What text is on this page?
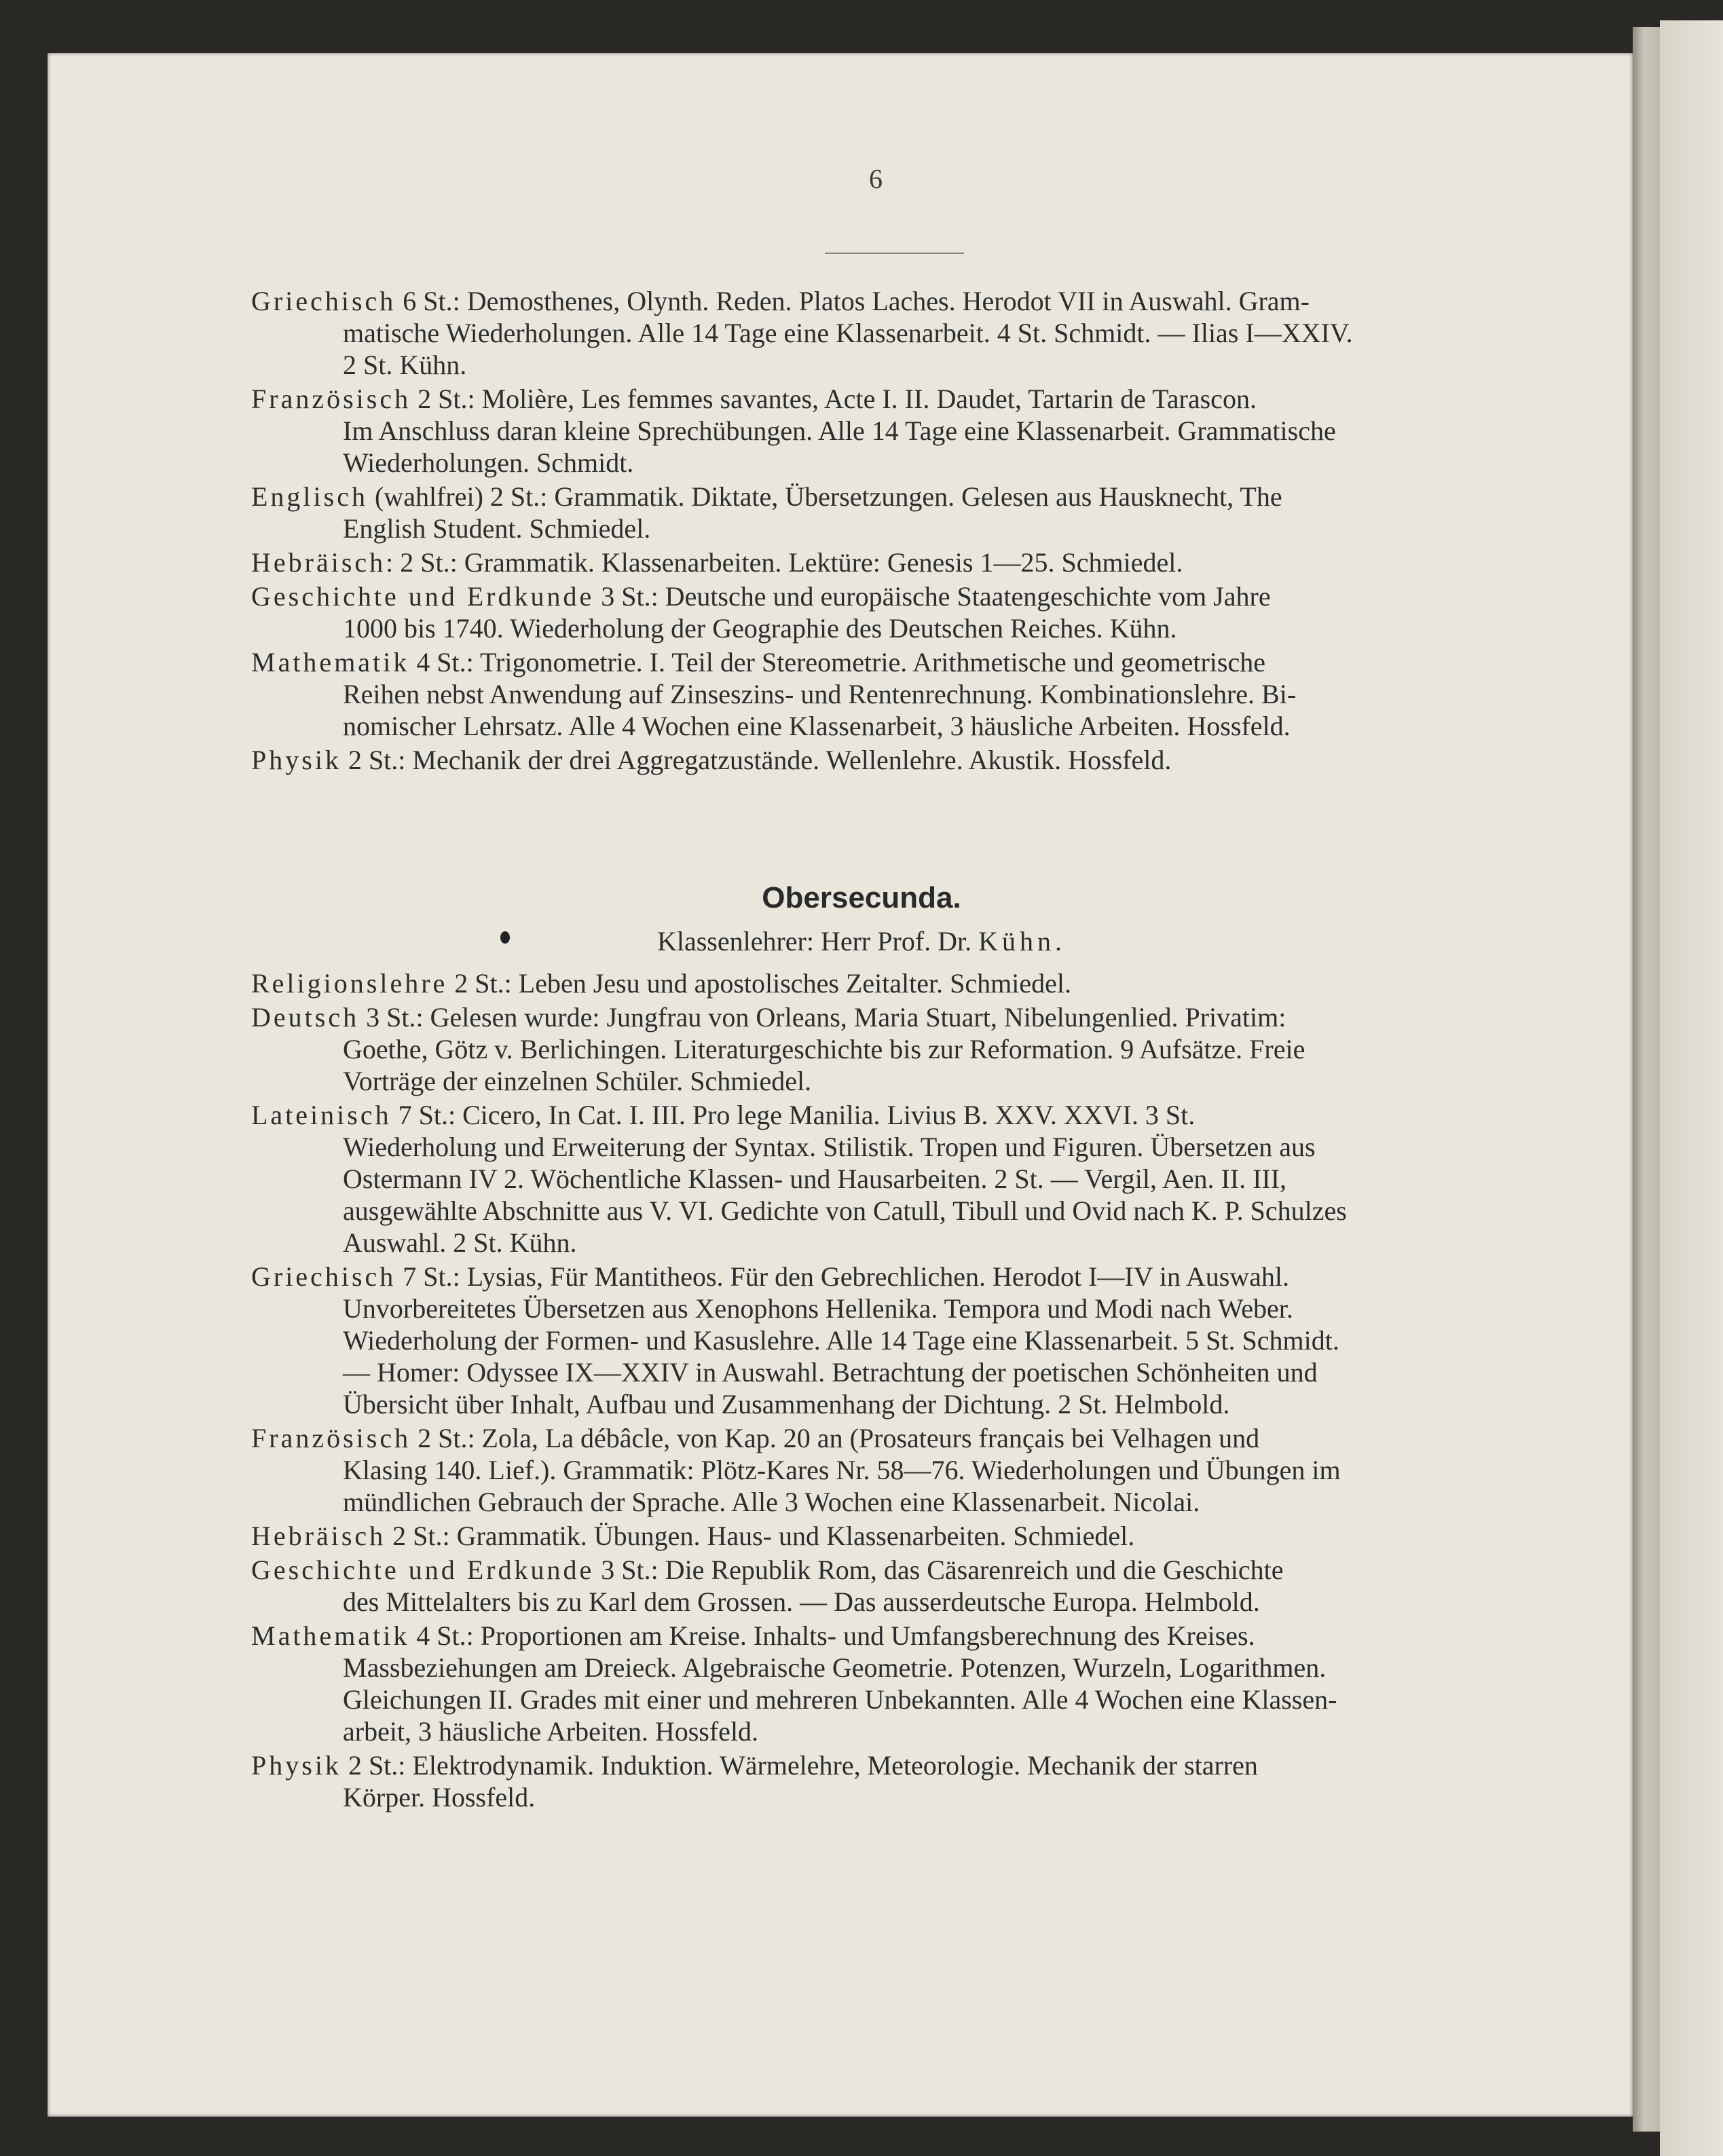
6
Griechisch 6 St.: Demosthenes, Olynth. Reden. Platos Laches. Herodot VII in Auswahl. Gram-
matische Wiederholungen. Alle 14 Tage eine Klassenarbeit. 4 St. Schmidt. — Ilias I—XXIV.
2 St. Kühn.
Französisch 2 St.: Molière, Les femmes savantes, Acte I. II. Daudet, Tartarin de Tarascon.
Im Anschluss daran kleine Sprechübungen. Alle 14 Tage eine Klassenarbeit. Grammatische
Wiederholungen. Schmidt.
Englisch (wahlfrei) 2 St.: Grammatik. Diktate, Übersetzungen. Gelesen aus Hausknecht, The
English Student. Schmiedel.
Hebräisch: 2 St.: Grammatik. Klassenarbeiten. Lektüre: Genesis 1—25. Schmiedel.
Geschichte und Erdkunde 3 St.: Deutsche und europäische Staatengeschichte vom Jahre
1000 bis 1740. Wiederholung der Geographie des Deutschen Reiches. Kühn.
Mathematik 4 St.: Trigonometrie. I. Teil der Stereometrie. Arithmetische und geometrische
Reihen nebst Anwendung auf Zinseszins- und Rentenrechnung. Kombinationslehre. Bi-
nomischer Lehrsatz. Alle 4 Wochen eine Klassenarbeit, 3 häusliche Arbeiten. Hossfeld.
Physik 2 St.: Mechanik der drei Aggregatzustände. Wellenlehre. Akustik. Hossfeld.
Obersecunda.
Klassenlehrer: Herr Prof. Dr. Kühn.
Religionslehre 2 St.: Leben Jesu und apostolisches Zeitalter. Schmiedel.
Deutsch 3 St.: Gelesen wurde: Jungfrau von Orleans, Maria Stuart, Nibelungenlied. Privatim:
Goethe, Götz v. Berlichingen. Literaturgeschichte bis zur Reformation. 9 Aufsätze. Freie
Vorträge der einzelnen Schüler. Schmiedel.
Lateinisch 7 St.: Cicero, In Cat. I. III. Pro lege Manilia. Livius B. XXV. XXVI. 3 St.
Wiederholung und Erweiterung der Syntax. Stilistik. Tropen und Figuren. Übersetzen aus
Ostermann IV 2. Wöchentliche Klassen- und Hausarbeiten. 2 St. — Vergil, Aen. II. III,
ausgewählte Abschnitte aus V. VI. Gedichte von Catull, Tibull und Ovid nach K. P. Schulzes
Auswahl. 2 St. Kühn.
Griechisch 7 St.: Lysias, Für Mantitheos. Für den Gebrechlichen. Herodot I—IV in Auswahl.
Unvorbereitetes Übersetzen aus Xenophons Hellenika. Tempora und Modi nach Weber.
Wiederholung der Formen- und Kasuslehre. Alle 14 Tage eine Klassenarbeit. 5 St. Schmidt.
— Homer: Odyssee IX—XXIV in Auswahl. Betrachtung der poetischen Schönheiten und
Übersicht über Inhalt, Aufbau und Zusammenhang der Dichtung. 2 St. Helmbold.
Französisch 2 St.: Zola, La débâcle, von Kap. 20 an (Prosateurs français bei Velhagen und
Klasing 140. Lief.). Grammatik: Plötz-Kares Nr. 58—76. Wiederholungen und Übungen im
mündlichen Gebrauch der Sprache. Alle 3 Wochen eine Klassenarbeit. Nicolai.
Hebräisch 2 St.: Grammatik. Übungen. Haus- und Klassenarbeiten. Schmiedel.
Geschichte und Erdkunde 3 St.: Die Republik Rom, das Cäsarenreich und die Geschichte
des Mittelalters bis zu Karl dem Grossen. — Das ausserdeutsche Europa. Helmbold.
Mathematik 4 St.: Proportionen am Kreise. Inhalts- und Umfangsberechnung des Kreises.
Massbeziehungen am Dreieck. Algebraische Geometrie. Potenzen, Wurzeln, Logarithmen.
Gleichungen II. Grades mit einer und mehreren Unbekannten. Alle 4 Wochen eine Klassen-
arbeit, 3 häusliche Arbeiten. Hossfeld.
Physik 2 St.: Elektrodynamik. Induktion. Wärmelehre, Meteorologie. Mechanik der starren
Körper. Hossfeld.
